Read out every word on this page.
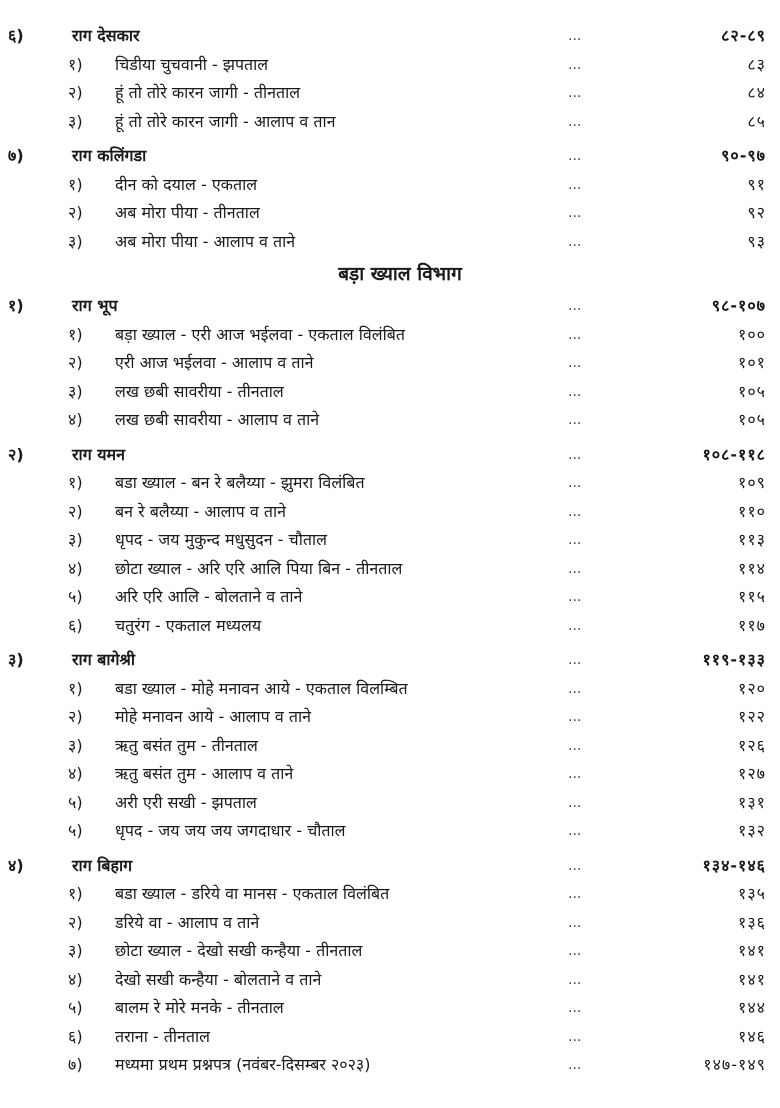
६)	राग देसकार	...	८२-८९
१) चिडीया चुचवानी - झपताल	...	८३
२) हूं तो तोरे कारन जागी - तीनताल	...	८४
३) हूं तो तोरे कारन जागी - आलाप व तान	...	८५
७)	राग कलिंगडा	...	९०-९७
१) दीन को दयाल - एकताल	...	९१
२) अब मोरा पीया - तीनताल	...	९२
३) अब मोरा पीया - आलाप व ताने	...	९३
बड़ा ख्याल विभाग
१)	राग भूप	...	९८-१०७
१) बड़ा ख्याल - एरी आज भईलवा - एकताल विलंबित	...	१००
२) एरी आज भईलवा - आलाप व ताने	...	१०१
३) लख छबी सावरीया - तीनताल	...	१०५
४) लख छबी सावरीया - आलाप व ताने	...	१०५
२)	राग यमन	...	१०८-११८
१) बडा ख्याल - बन रे बलैय्या - झुमरा विलंबित	...	१०९
२) बन रे बलैय्या - आलाप व ताने	...	११०
३) धृपद - जय मुकुन्द मधुसुदन - चौताल	...	११३
४) छोटा ख्याल - अरि एरि आलि पिया बिन - तीनताल	...	११४
५) अरि एरि आलि - बोलताने व ताने	...	११५
६) चतुरंग - एकताल मध्यलय	...	११७
३)	राग बागेश्री	...	११९-१३३
१) बडा ख्याल - मोहे मनावन आये - एकताल विलम्बित	...	१२०
२) मोहे मनावन आये - आलाप व ताने	...	१२२
३) ऋतु बसंत तुम - तीनताल	...	१२६
४) ऋतु बसंत तुम - आलाप व ताने	...	१२७
५) अरी एरी सखी - झपताल	...	१३१
५) धृपद - जय जय जय जगदाधार - चौताल	...	१३२
४)	राग बिहाग	...	१३४-१४६
१) बडा ख्याल - डरिये वा मानस - एकताल विलंबित	...	१३५
२) डरिये वा - आलाप व ताने	...	१३६
३) छोटा ख्याल - देखो सखी कन्हैया - तीनताल	...	१४१
४) देखो सखी कन्हैया - बोलताने व ताने	...	१४१
५) बालम रे मोरे मनके - तीनताल	...	१४४
६) तराना - तीनताल	...	१४६
७) मध्यमा प्रथम प्रश्नपत्र (नवंबर-दिसम्बर २०२३)	...	१४७-१४९
